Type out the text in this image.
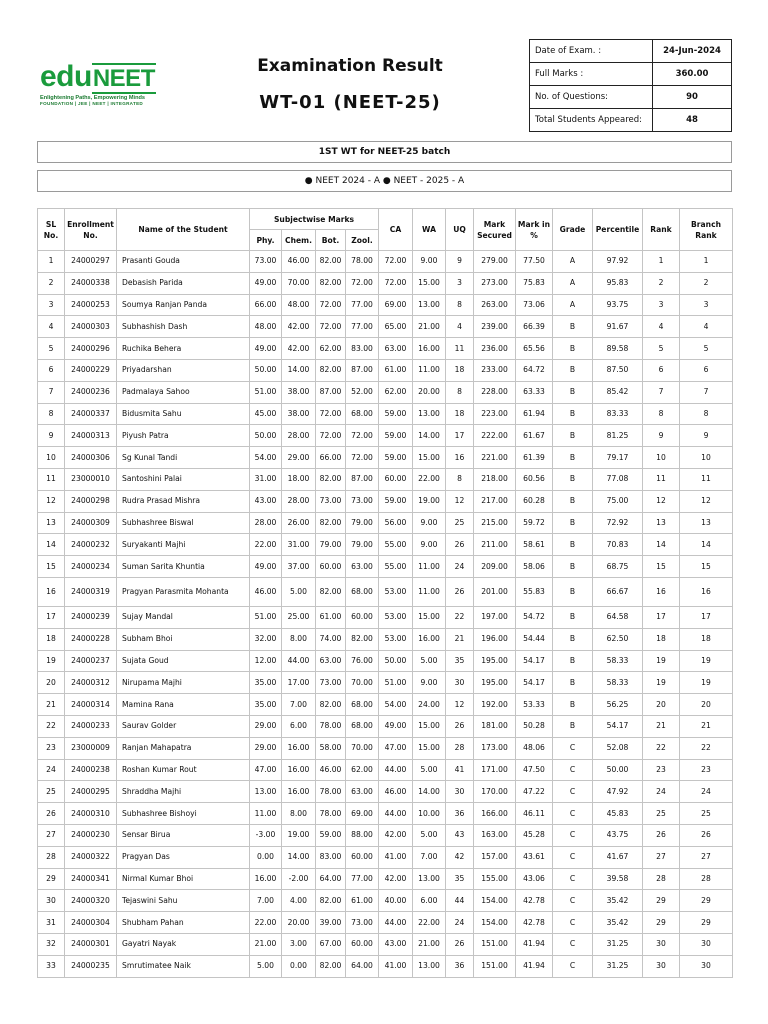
eduNEET
Enlightening Paths, Empowering Minds
FOUNDATION | JEE | NEET | INTEGRATED
Examination Result
WT-01 (NEET-25)
Date of Exam. :	24-Jun-2024
Full Marks :	360.00
No. of Questions:	90
Total Students Appeared:	48
1ST WT for NEET-25 batch
● NEET 2024 - A ● NEET - 2025 - A
SL No.	Enrollment No.	Name of the Student	Subjectwise Marks				CA	WA	UQ	Mark Secured	Mark in %	Grade	Percentile	Rank	Branch Rank
			Phy.	Chem.	Bot.	Zool.									
1	24000297	Prasanti Gouda	73.00	46.00	82.00	78.00	72.00	9.00	9	279.00	77.50	A	97.92	1	1
2	24000338	Debasish Parida	49.00	70.00	82.00	72.00	72.00	15.00	3	273.00	75.83	A	95.83	2	2
3	24000253	Soumya Ranjan Panda	66.00	48.00	72.00	77.00	69.00	13.00	8	263.00	73.06	A	93.75	3	3
4	24000303	Subhashish Dash	48.00	42.00	72.00	77.00	65.00	21.00	4	239.00	66.39	B	91.67	4	4
5	24000296	Ruchika Behera	49.00	42.00	62.00	83.00	63.00	16.00	11	236.00	65.56	B	89.58	5	5
6	24000229	Priyadarshan	50.00	14.00	82.00	87.00	61.00	11.00	18	233.00	64.72	B	87.50	6	6
7	24000236	Padmalaya Sahoo	51.00	38.00	87.00	52.00	62.00	20.00	8	228.00	63.33	B	85.42	7	7
8	24000337	Bidusmita Sahu	45.00	38.00	72.00	68.00	59.00	13.00	18	223.00	61.94	B	83.33	8	8
9	24000313	Piyush Patra	50.00	28.00	72.00	72.00	59.00	14.00	17	222.00	61.67	B	81.25	9	9
10	24000306	Sg Kunal Tandi	54.00	29.00	66.00	72.00	59.00	15.00	16	221.00	61.39	B	79.17	10	10
11	23000010	Santoshini Palai	31.00	18.00	82.00	87.00	60.00	22.00	8	218.00	60.56	B	77.08	11	11
12	24000298	Rudra Prasad Mishra	43.00	28.00	73.00	73.00	59.00	19.00	12	217.00	60.28	B	75.00	12	12
13	24000309	Subhashree Biswal	28.00	26.00	82.00	79.00	56.00	9.00	25	215.00	59.72	B	72.92	13	13
14	24000232	Suryakanti Majhi	22.00	31.00	79.00	79.00	55.00	9.00	26	211.00	58.61	B	70.83	14	14
15	24000234	Suman Sarita Khuntia	49.00	37.00	60.00	63.00	55.00	11.00	24	209.00	58.06	B	68.75	15	15
16	24000319	Pragyan Parasmita Mohanta	46.00	5.00	82.00	68.00	53.00	11.00	26	201.00	55.83	B	66.67	16	16
17	24000239	Sujay Mandal	51.00	25.00	61.00	60.00	53.00	15.00	22	197.00	54.72	B	64.58	17	17
18	24000228	Subham Bhoi	32.00	8.00	74.00	82.00	53.00	16.00	21	196.00	54.44	B	62.50	18	18
19	24000237	Sujata Goud	12.00	44.00	63.00	76.00	50.00	5.00	35	195.00	54.17	B	58.33	19	19
20	24000312	Nirupama Majhi	35.00	17.00	73.00	70.00	51.00	9.00	30	195.00	54.17	B	58.33	19	19
21	24000314	Mamina Rana	35.00	7.00	82.00	68.00	54.00	24.00	12	192.00	53.33	B	56.25	20	20
22	24000233	Saurav Golder	29.00	6.00	78.00	68.00	49.00	15.00	26	181.00	50.28	B	54.17	21	21
23	23000009	Ranjan Mahapatra	29.00	16.00	58.00	70.00	47.00	15.00	28	173.00	48.06	C	52.08	22	22
24	24000238	Roshan Kumar Rout	47.00	16.00	46.00	62.00	44.00	5.00	41	171.00	47.50	C	50.00	23	23
25	24000295	Shraddha Majhi	13.00	16.00	78.00	63.00	46.00	14.00	30	170.00	47.22	C	47.92	24	24
26	24000310	Subhashree Bishoyi	11.00	8.00	78.00	69.00	44.00	10.00	36	166.00	46.11	C	45.83	25	25
27	24000230	Sensar Birua	-3.00	19.00	59.00	88.00	42.00	5.00	43	163.00	45.28	C	43.75	26	26
28	24000322	Pragyan Das	0.00	14.00	83.00	60.00	41.00	7.00	42	157.00	43.61	C	41.67	27	27
29	24000341	Nirmal Kumar Bhoi	16.00	-2.00	64.00	77.00	42.00	13.00	35	155.00	43.06	C	39.58	28	28
30	24000320	Tejaswini Sahu	7.00	4.00	82.00	61.00	40.00	6.00	44	154.00	42.78	C	35.42	29	29
31	24000304	Shubham Pahan	22.00	20.00	39.00	73.00	44.00	22.00	24	154.00	42.78	C	35.42	29	29
32	24000301	Gayatri Nayak	21.00	3.00	67.00	60.00	43.00	21.00	26	151.00	41.94	C	31.25	30	30
33	24000235	Smrutimatee Naik	5.00	0.00	82.00	64.00	41.00	13.00	36	151.00	41.94	C	31.25	30	30
